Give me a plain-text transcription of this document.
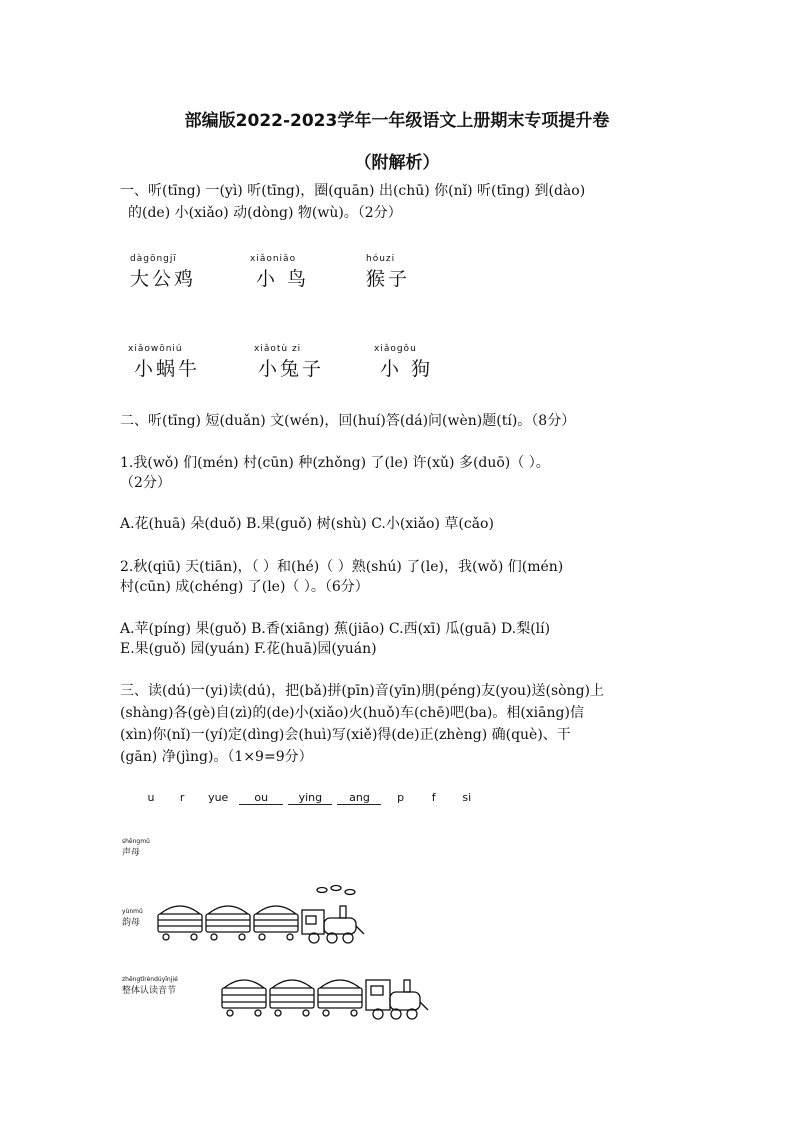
部编版2022-2023学年一年级语文上册期末专项提升卷
（附解析）
一、听(tīng) 一(yì) 听(tīng)，圈(quān) 出(chū) 你(nǐ) 听(tīng) 到(dào)
的(de) 小(xiǎo) 动(dòng) 物(wù)。（2分）
dàgōngjī
大公鸡
xiǎoniǎo
小 鸟
hóuzi
猴子
xiǎowōniú
小蜗牛
xiǎotù zi
小兔子
xiǎogǒu
小 狗
二、听(tīng) 短(duǎn) 文(wén)，回(huí)答(dá)问(wèn)题(tí)。（8分）
1.我(wǒ) 们(mén) 村(cūn) 种(zhǒng) 了(le) 许(xǔ) 多(duō)（ ）。
（2分）
A.花(huā) 朵(duǒ) B.果(guǒ) 树(shù) C.小(xiǎo) 草(cǎo)
2.秋(qiū) 天(tiān)，（ ）和(hé)（ ）熟(shú) 了(le)，我(wǒ) 们(mén)
村(cūn) 成(chéng) 了(le)（ ）。（6分）
A.苹(píng) 果(guǒ) B.香(xiāng) 蕉(jiāo) C.西(xī) 瓜(guā) D.梨(lí)
E.果(guǒ) 园(yuán) F.花(huā)园(yuán)
三、读(dú)一(yi)读(dú)，把(bǎ)拼(pīn)音(yīn)朋(péng)友(you)送(sòng)上
(shàng)各(gè)自(zì)的(de)小(xiǎo)火(huǒ)车(chē)吧(ba)。相(xiāng)信
(xìn)你(nǐ)一(yí)定(dìng)会(huì)写(xiě)得(de)正(zhèng) 确(què)、干
(gān) 净(jìng)。（1×9=9分）
u r yue ou	ying ang p	f si
shēngmǔ
声母
yùnmǔ
韵母
zhěngtǐrèndúyīnjié
整体认读音节
